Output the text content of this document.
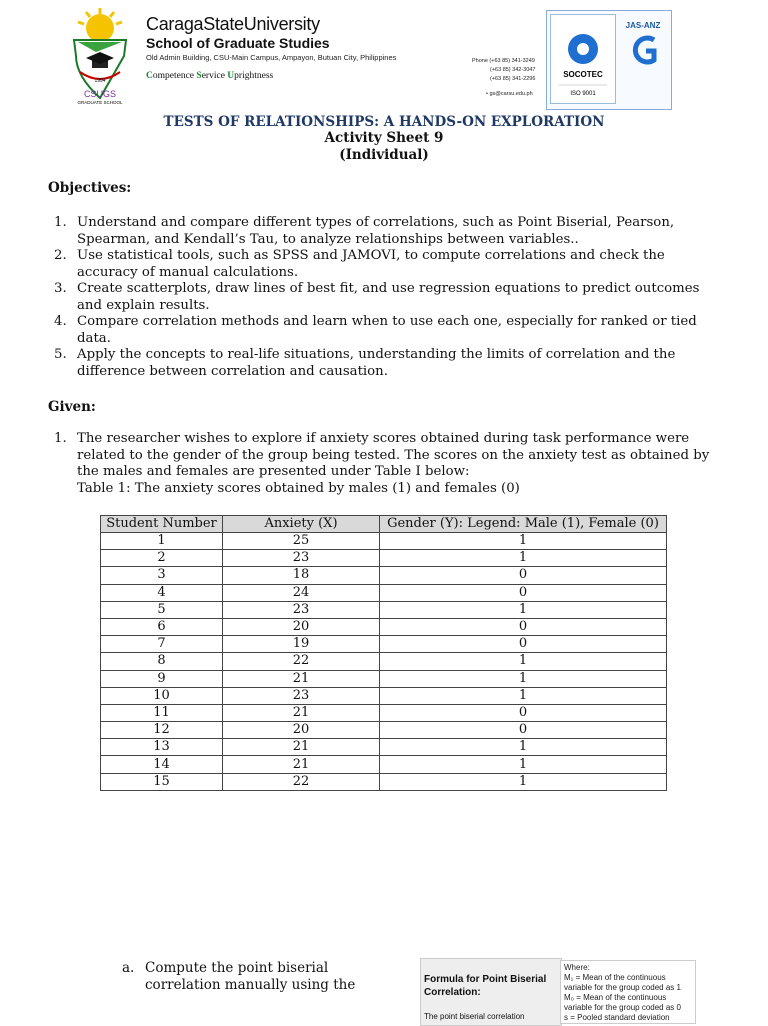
1994
CSUGS
GRADUATE SCHOOL
CaragaStateUniversity
School of Graduate Studies
Old Admin Building, CSU-Main Campus, Ampayon, Butuan City, Philippines
Competence Service Uprightness
Phone (+63 85) 341-3249
(+63 85) 342-3047
(+63 85) 341-2296
• gs@carsu.edu.ph
SOCOTEC
ISO 9001
JAS-ANZ
TESTS OF RELATIONSHIPS: A HANDS-ON EXPLORATION
Activity Sheet 9
(Individual)
Objectives:
1. Understand and compare different types of correlations, such as Point Biserial, Pearson, Spearman, and Kendall’s Tau, to analyze relationships between variables..
2. Use statistical tools, such as SPSS and JAMOVI, to compute correlations and check the accuracy of manual calculations.
3. Create scatterplots, draw lines of best fit, and use regression equations to predict outcomes and explain results.
4. Compare correlation methods and learn when to use each one, especially for ranked or tied data.
5. Apply the concepts to real-life situations, understanding the limits of correlation and the difference between correlation and causation.
Given:
1. The researcher wishes to explore if anxiety scores obtained during task performance were related to the gender of the group being tested. The scores on the anxiety test as obtained by the males and females are presented under Table I below:
Table 1: The anxiety scores obtained by males (1) and females (0)
Student Number	Anxiety (X)	Gender (Y): Legend: Male (1), Female (0)
1	25	1
2	23	1
3	18	0
4	24	0
5	23	1
6	20	0
7	19	0
8	22	1
9	21	1
10	23	1
11	21	0
12	20	0
13	21	1
14	21	1
15	22	1
a. Compute the point biserial correlation manually using the	Formula for Point Biserial Correlation:
The point biserial correlation
Where:
M₁ = Mean of the continuous variable for the group coded as 1
M₀ = Mean of the continuous variable for the group coded as 0
s = Pooled standard deviation
